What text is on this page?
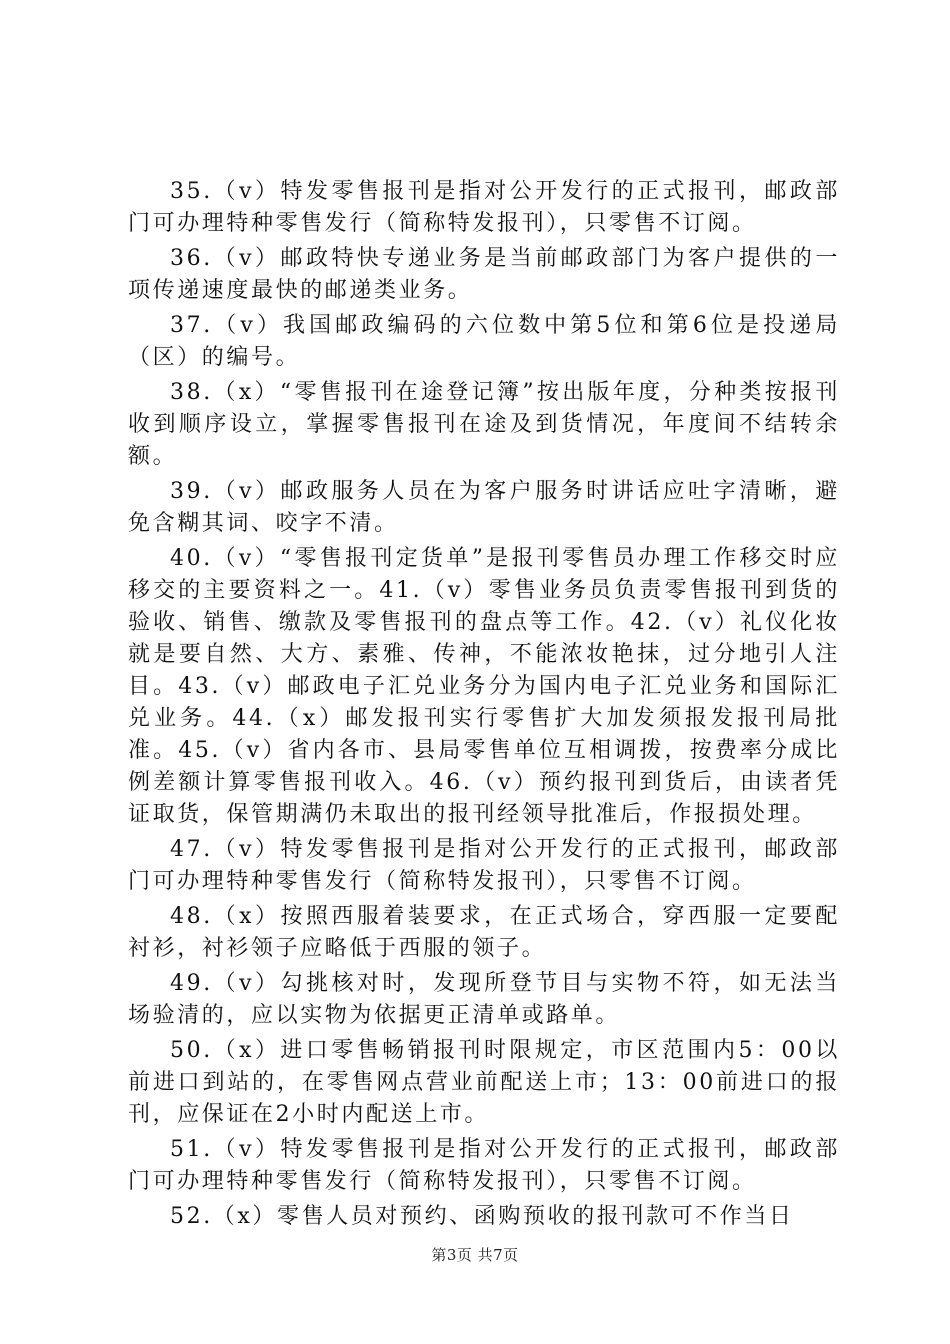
35.（v）特发零售报刊是指对公开发行的正式报刊，邮政部门可办理特种零售发行（简称特发报刊），只零售不订阅。

36.（v）邮政特快专递业务是当前邮政部门为客户提供的一项传递速度最快的邮递类业务。

37.（v）我国邮政编码的六位数中第5位和第6位是投递局（区）的编号。

38.（x）“零售报刊在途登记簿”按出版年度，分种类按报刊收到顺序设立，掌握零售报刊在途及到货情况，年度间不结转余额。

39.（v）邮政服务人员在为客户服务时讲话应吐字清晰，避免含糊其词、咬字不清。

40.（v）“零售报刊定货单”是报刊零售员办理工作移交时应移交的主要资料之一。41.（v）零售业务员负责零售报刊到货的验收、销售、缴款及零售报刊的盘点等工作。42.（v）礼仪化妆就是要自然、大方、素雅、传神，不能浓妆艳抹，过分地引人注目。43.（v）邮政电子汇兑业务分为国内电子汇兑业务和国际汇兑业务。44.（x）邮发报刊实行零售扩大加发须报发报刊局批准。45.（v）省内各市、县局零售单位互相调拨，按费率分成比例差额计算零售报刊收入。46.（v）预约报刊到货后，由读者凭证取货，保管期满仍未取出的报刊经领导批准后，作报损处理。

47.（v）特发零售报刊是指对公开发行的正式报刊，邮政部门可办理特种零售发行（简称特发报刊），只零售不订阅。

48.（x）按照西服着装要求，在正式场合，穿西服一定要配衬衫，衬衫领子应略低于西服的领子。

49.（v）勾挑核对时，发现所登节目与实物不符，如无法当场验清的，应以实物为依据更正清单或路单。

50.（x）进口零售畅销报刊时限规定，市区范围内5：00以前进口到站的，在零售网点营业前配送上市；13：00前进口的报刊，应保证在2小时内配送上市。

51.（v）特发零售报刊是指对公开发行的正式报刊，邮政部门可办理特种零售发行（简称特发报刊），只零售不订阅。

52.（x）零售人员对预约、函购预收的报刊款可不作当日

第3页 共7页
